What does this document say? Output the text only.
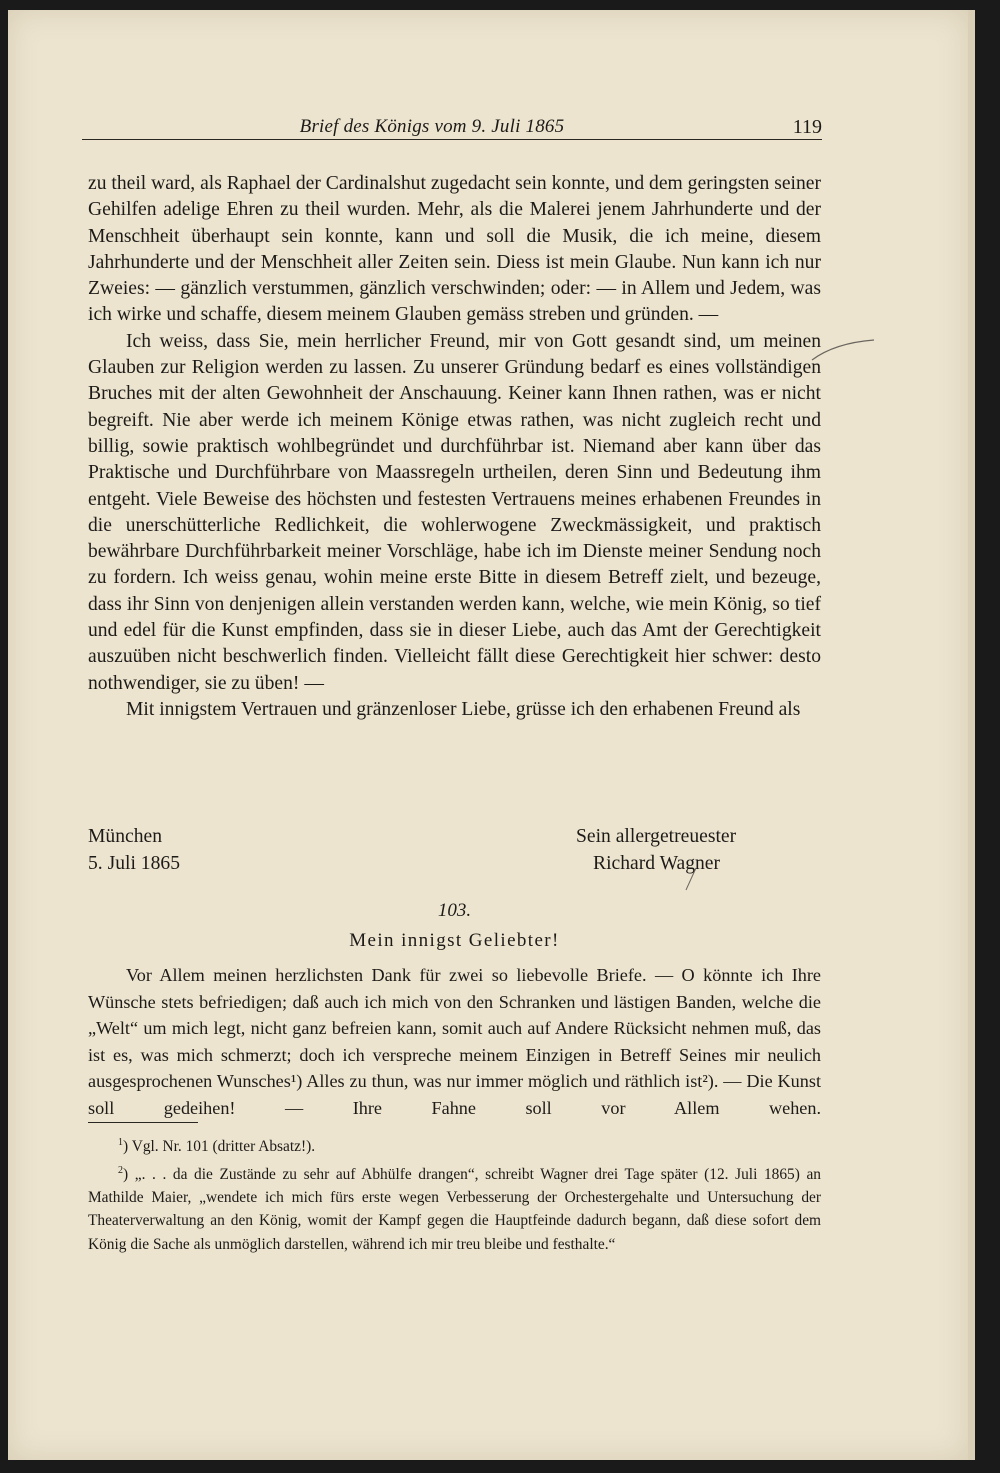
Brief des Königs vom 9. Juli 1865	119

zu theil ward, als Raphael der Cardinalshut zugedacht sein konnte, und dem geringsten seiner Gehilfen adelige Ehren zu theil wurden. Mehr, als die Malerei jenem Jahrhunderte und der Menschheit überhaupt sein konnte, kann und soll die Musik, die ich meine, diesem Jahrhunderte und der Menschheit aller Zeiten sein. Diess ist mein Glaube. Nun kann ich nur Zweies: — gänzlich verstummen, gänzlich verschwinden; oder: — in Allem und Jedem, was ich wirke und schaffe, diesem meinem Glauben gemäss streben und gründen. —

Ich weiss, dass Sie, mein herrlicher Freund, mir von Gott gesandt sind, um meinen Glauben zur Religion werden zu lassen. Zu unserer Gründung bedarf es eines vollständigen Bruches mit der alten Gewohnheit der Anschauung. Keiner kann Ihnen rathen, was er nicht begreift. Nie aber werde ich meinem Könige etwas rathen, was nicht zugleich recht und billig, sowie praktisch wohlbegründet und durchführbar ist. Niemand aber kann über das Praktische und Durchführbare von Maassregeln urtheilen, deren Sinn und Bedeutung ihm entgeht. Viele Beweise des höchsten und festesten Vertrauens meines erhabenen Freundes in die unerschütterliche Redlichkeit, die wohlerwogene Zweckmässigkeit, und praktisch bewährbare Durchführbarkeit meiner Vorschläge, habe ich im Dienste meiner Sendung noch zu fordern. Ich weiss genau, wohin meine erste Bitte in diesem Betreff zielt, und bezeuge, dass ihr Sinn von denjenigen allein verstanden werden kann, welche, wie mein König, so tief und edel für die Kunst empfinden, dass sie in dieser Liebe, auch das Amt der Gerechtigkeit auszuüben nicht beschwerlich finden. Vielleicht fällt diese Gerechtigkeit hier schwer: desto nothwendiger, sie zu üben! —

Mit innigstem Vertrauen und gränzenloser Liebe, grüsse ich den erhabenen Freund als

München
5. Juli 1865
Sein allergetreuester
Richard Wagner
103.
Mein innigst Geliebter!

Vor Allem meinen herzlichsten Dank für zwei so liebevolle Briefe. — O könnte ich Ihre Wünsche stets befriedigen; daß auch ich mich von den Schranken und lästigen Banden, welche die „Welt“ um mich legt, nicht ganz befreien kann, somit auch auf Andere Rücksicht nehmen muß, das ist es, was mich schmerzt; doch ich verspreche meinem Einzigen in Betreff Seines mir neulich ausgesprochenen Wunsches¹) Alles zu thun, was nur immer möglich und räthlich ist²). — Die Kunst soll gedeihen! — Ihre Fahne soll vor Allem wehen.

$^1$) Vgl. Nr. 101 (dritter Absatz!).

$^2$) „. . . da die Zustände zu sehr auf Abhülfe drangen“, schreibt Wagner drei Tage später (12. Juli 1865) an Mathilde Maier, „wendete ich mich fürs erste wegen Verbesserung der Orchestergehalte und Untersuchung der Theaterverwaltung an den König, womit der Kampf gegen die Hauptfeinde dadurch begann, daß diese sofort dem König die Sache als unmöglich darstellen, während ich mir treu bleibe und festhalte.“
